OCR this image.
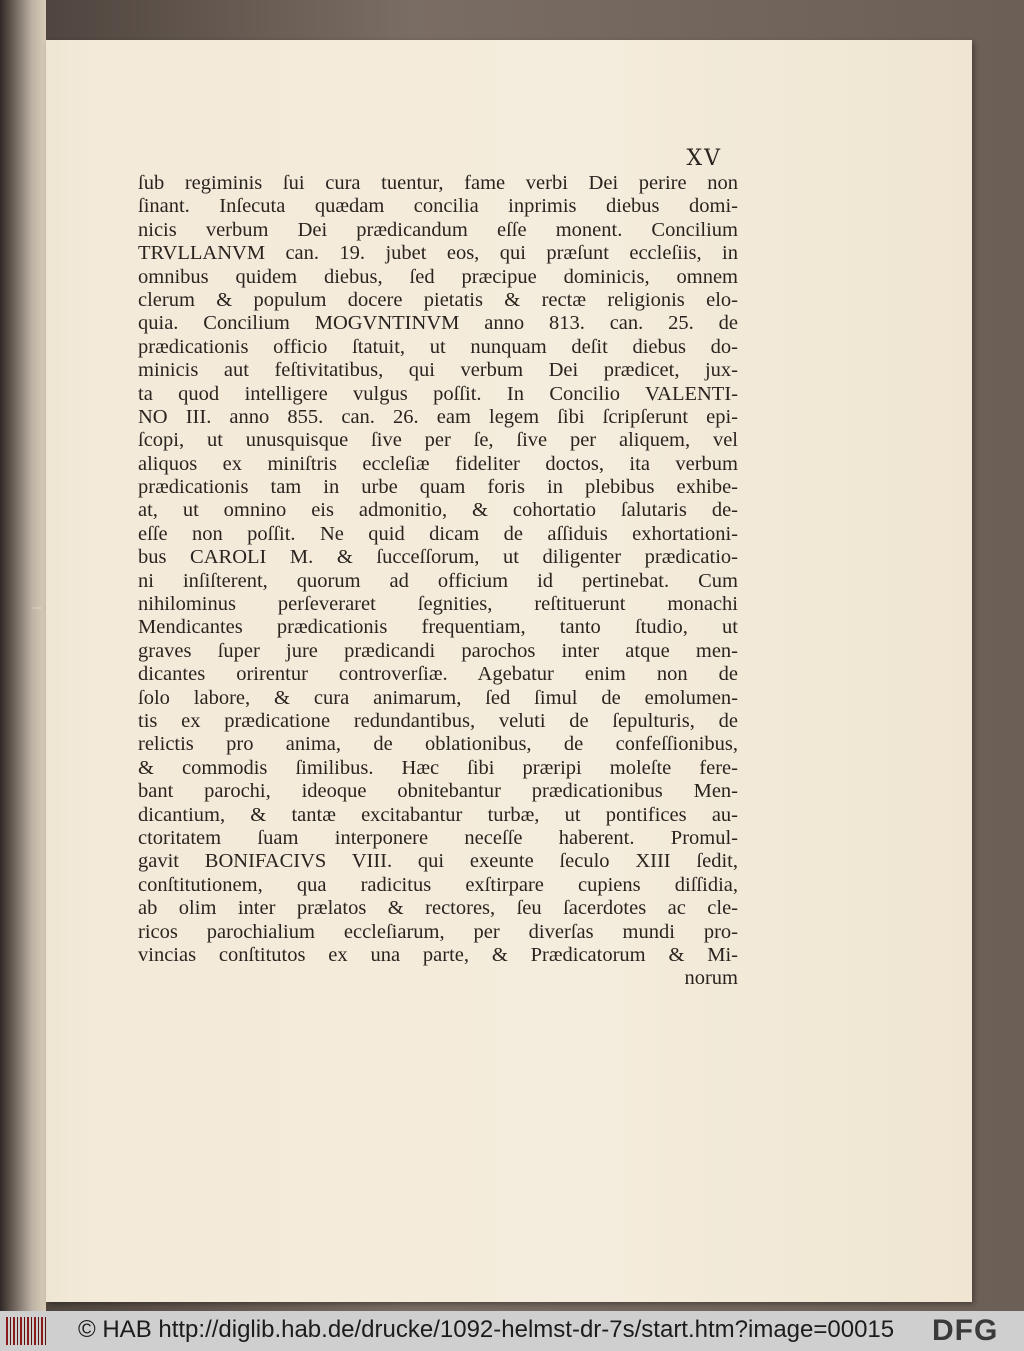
XV
ſub regiminis ſui cura tuentur, fame verbi Dei perire non
ſinant. Inſecuta quædam concilia inprimis diebus domi-
nicis verbum Dei prædicandum eſſe monent. Concilium
TRVLLANVM can. 19. jubet eos, qui præſunt eccleſiis, in
omnibus quidem diebus, ſed præcipue dominicis, omnem
clerum & populum docere pietatis & rectæ religionis elo-
quia. Concilium MOGVNTINVM anno 813. can. 25. de
prædicationis officio ſtatuit, ut nunquam deſit diebus do-
minicis aut feſtivitatibus, qui verbum Dei prædicet, jux-
ta quod intelligere vulgus poſſit. In Concilio VALENTI-
NO III. anno 855. can. 26. eam legem ſibi ſcripſerunt epi-
ſcopi, ut unusquisque ſive per ſe, ſive per aliquem, vel
aliquos ex miniſtris eccleſiæ fideliter doctos, ita verbum
prædicationis tam in urbe quam foris in plebibus exhibe-
at, ut omnino eis admonitio, & cohortatio ſalutaris de-
eſſe non poſſit. Ne quid dicam de aſſiduis exhortationi-
bus CAROLI M. & ſucceſſorum, ut diligenter prædicatio-
ni inſiſterent, quorum ad officium id pertinebat. Cum
nihilominus perſeveraret ſegnities, reſtituerunt monachi
Mendicantes prædicationis frequentiam, tanto ſtudio, ut
graves ſuper jure prædicandi parochos inter atque men-
dicantes orirentur controverſiæ. Agebatur enim non de
ſolo labore, & cura animarum, ſed ſimul de emolumen-
tis ex prædicatione redundantibus, veluti de ſepulturis, de
relictis pro anima, de oblationibus, de confeſſionibus,
& commodis ſimilibus. Hæc ſibi præripi moleſte fere-
bant parochi, ideoque obnitebantur prædicationibus Men-
dicantium, & tantæ excitabantur turbæ, ut pontifices au-
ctoritatem ſuam interponere neceſſe haberent. Promul-
gavit BONIFACIVS VIII. qui exeunte ſeculo XIII ſedit,
conſtitutionem, qua radicitus exſtirpare cupiens diſſidia,
ab olim inter prælatos & rectores, ſeu ſacerdotes ac cle-
ricos parochialium eccleſiarum, per diverſas mundi pro-
vincias conſtitutos ex una parte, & Prædicatorum & Mi-
norum
© HAB http://diglib.hab.de/drucke/1092-helmst-dr-7s/start.htm?image=00015	DFG
